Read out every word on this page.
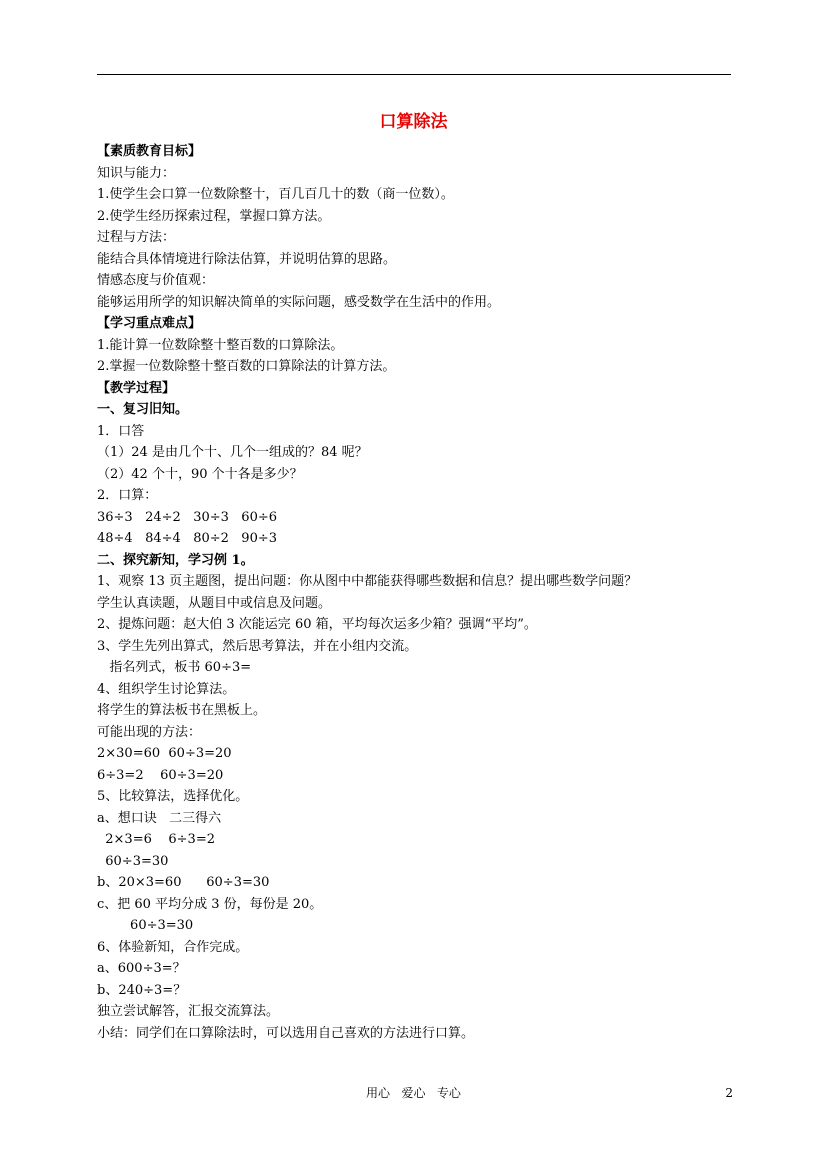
口算除法
【素质教育目标】
知识与能力：
1.使学生会口算一位数除整十，百几百几十的数（商一位数）。
2.使学生经历探索过程，掌握口算方法。
过程与方法：
能结合具体情境进行除法估算，并说明估算的思路。
情感态度与价值观：
能够运用所学的知识解决简单的实际问题，感受数学在生活中的作用。
【学习重点难点】
1.能计算一位数除整十整百数的口算除法。
2.掌握一位数除整十整百数的口算除法的计算方法。
【教学过程】
一、复习旧知。
1．口答
（1）24 是由几个十、几个一组成的？84 呢？
（2）42 个十，90 个十各是多少？
2．口算：
36÷3   24÷2   30÷3   60÷6
48÷4   84÷4   80÷2   90÷3
二、探究新知，学习例 1。
1、观察 13 页主题图，提出问题：你从图中中都能获得哪些数据和信息？提出哪些数学问题？
学生认真读题，从题目中或信息及问题。
2、提炼问题：赵大伯 3 次能运完 60 箱，平均每次运多少箱？强调“平均”。
3、学生先列出算式，然后思考算法，并在小组内交流。
指名列式，板书 60÷3=
4、组织学生讨论算法。
将学生的算法板书在黑板上。
可能出现的方法：
2×30=60  60÷3=20
6÷3=2    60÷3=20
5、比较算法，选择优化。
a、想口诀   二三得六
2×3=6    6÷3=2
60÷3=30
b、20×3=60      60÷3=30
c、把 60 平均分成 3 份，每份是 20。
60÷3=30
6、体验新知，合作完成。
a、600÷3=？
b、240÷3=？
独立尝试解答，汇报交流算法。
小结：同学们在口算除法时，可以选用自己喜欢的方法进行口算。
用心   爱心   专心	2
